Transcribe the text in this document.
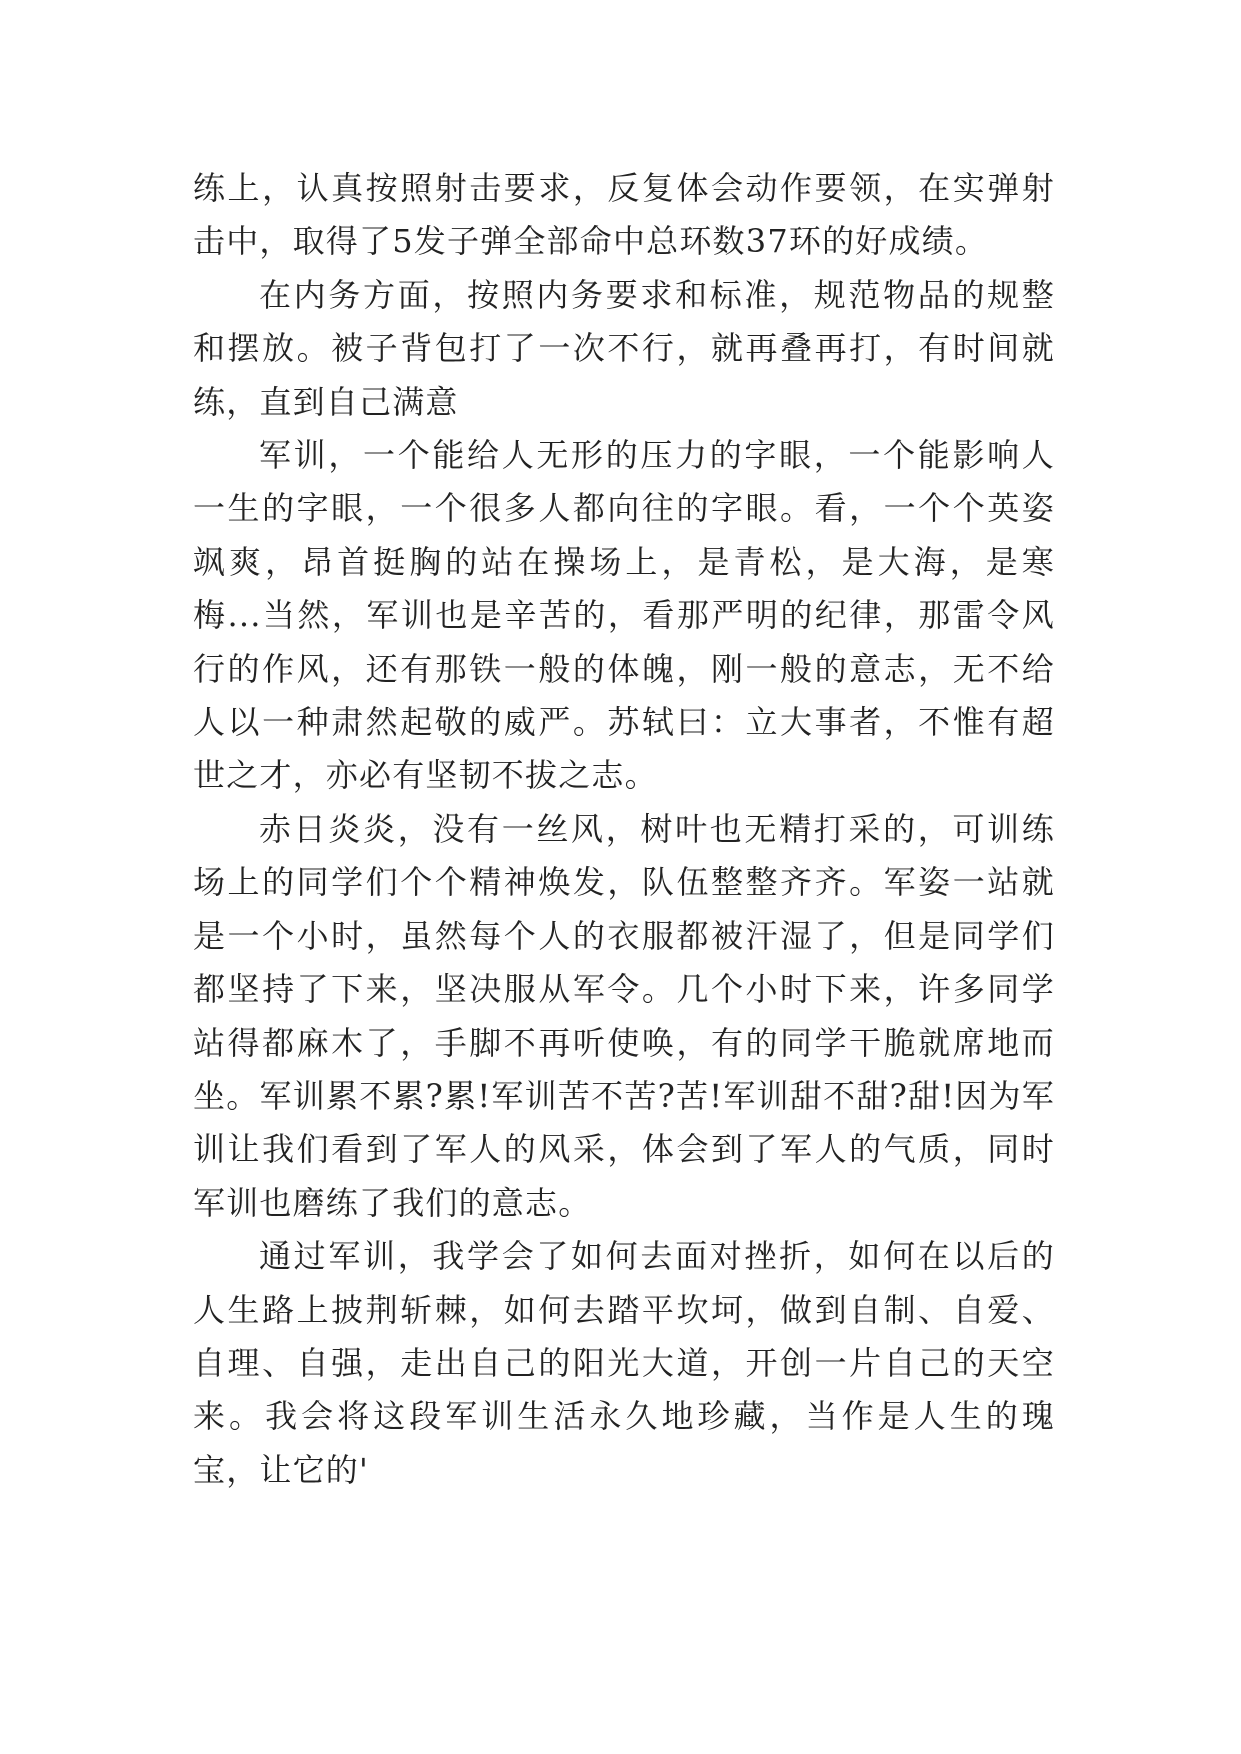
练上，认真按照射击要求，反复体会动作要领，在实弹射击中，取得了5发子弹全部命中总环数37环的好成绩。

在内务方面，按照内务要求和标准，规范物品的规整和摆放。被子背包打了一次不行，就再叠再打，有时间就练，直到自己满意

军训，一个能给人无形的压力的字眼，一个能影响人一生的字眼，一个很多人都向往的字眼。看，一个个英姿飒爽，昂首挺胸的站在操场上，是青松，是大海，是寒梅...当然，军训也是辛苦的，看那严明的纪律，那雷令风行的作风，还有那铁一般的体魄，刚一般的意志，无不给人以一种肃然起敬的威严。苏轼曰：立大事者，不惟有超世之才，亦必有坚韧不拔之志。

赤日炎炎，没有一丝风，树叶也无精打采的，可训练场上的同学们个个精神焕发，队伍整整齐齐。军姿一站就是一个小时，虽然每个人的衣服都被汗湿了，但是同学们都坚持了下来，坚决服从军令。几个小时下来，许多同学站得都麻木了，手脚不再听使唤，有的同学干脆就席地而坐。军训累不累?累!军训苦不苦?苦!军训甜不甜?甜!因为军训让我们看到了军人的风采，体会到了军人的气质，同时军训也磨练了我们的意志。

通过军训，我学会了如何去面对挫折，如何在以后的人生路上披荆斩棘，如何去踏平坎坷，做到自制、自爱、自理、自强，走出自己的阳光大道，开创一片自己的天空来。我会将这段军训生活永久地珍藏，当作是人生的瑰宝，让它的'
